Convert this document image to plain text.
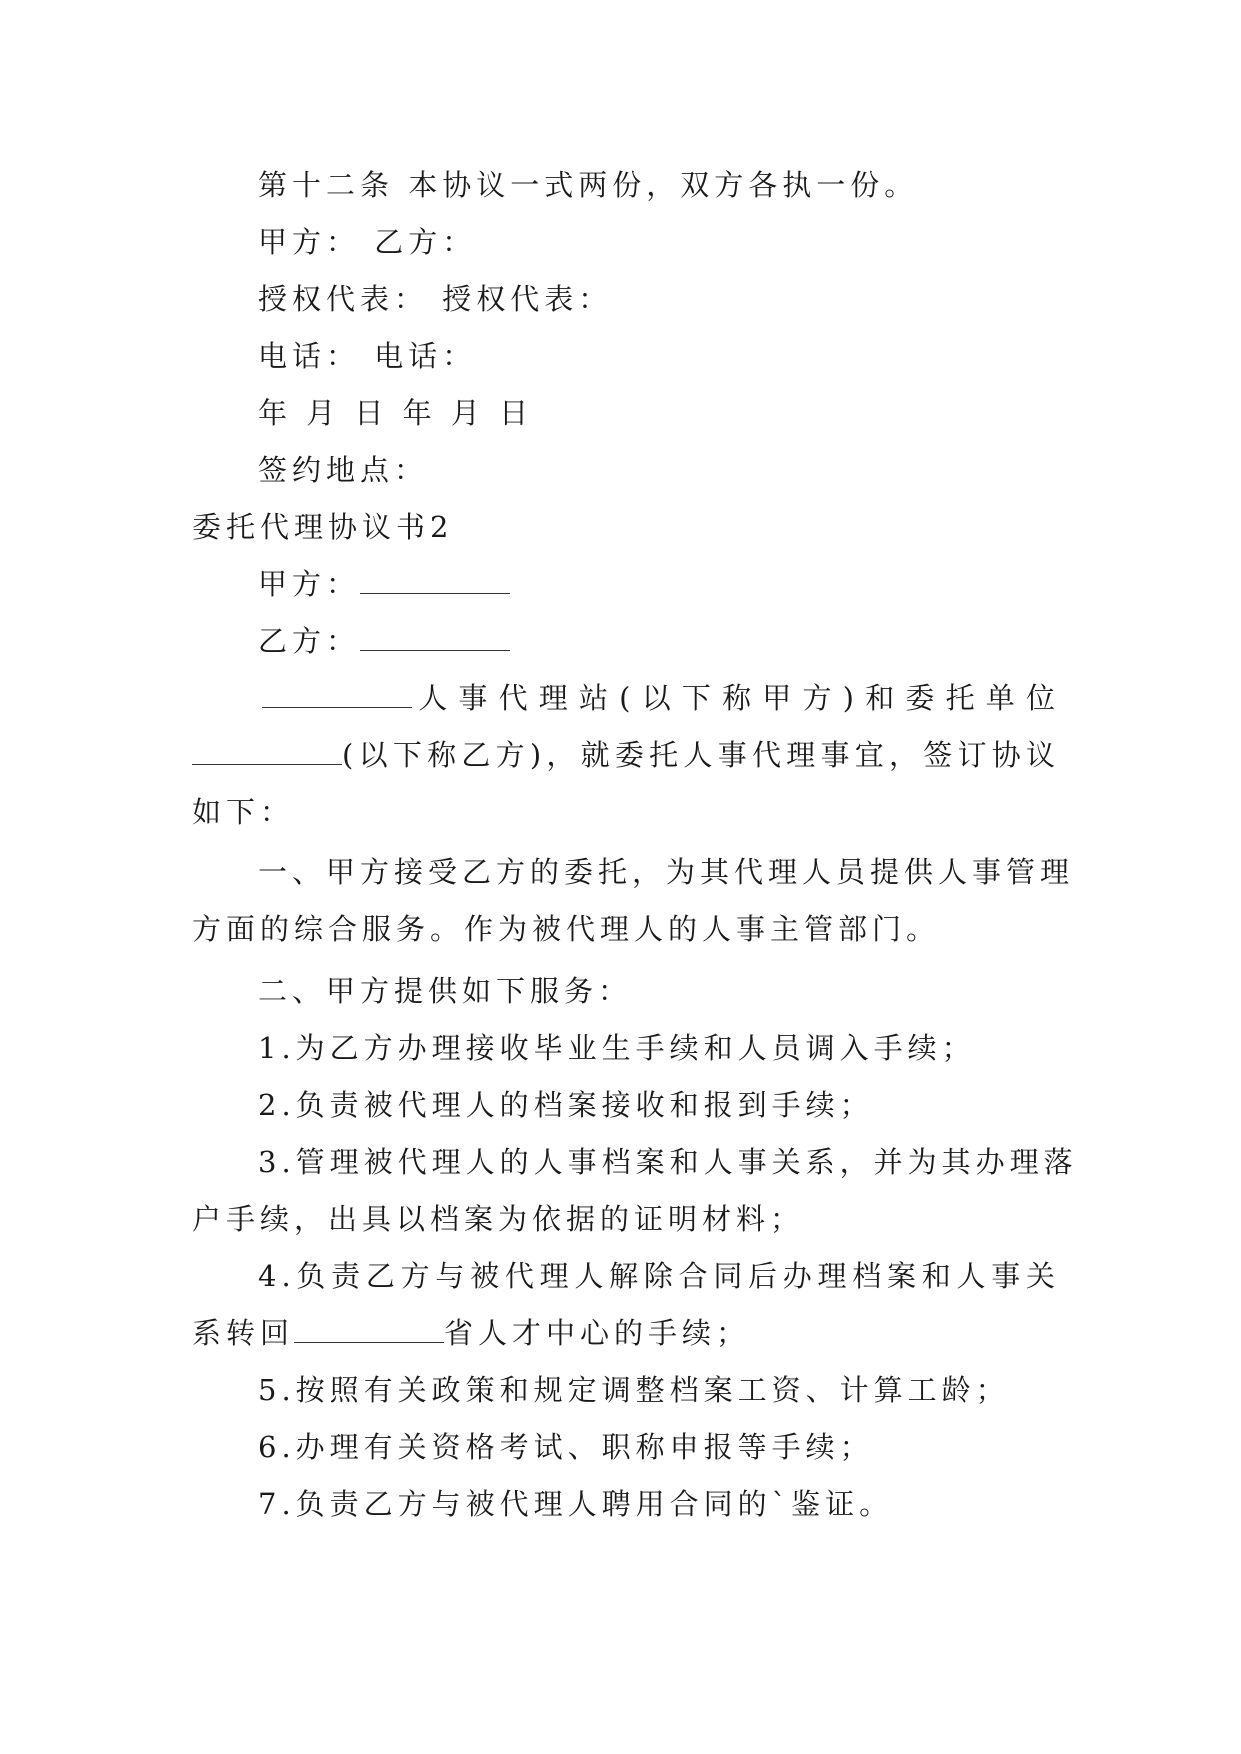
第十二条 本协议一式两份，双方各执一份。
甲方： 乙方：
授权代表： 授权代表：
电话： 电话：
年 月 日 年 月 日
签约地点：
委托代理协议书2
甲方：
乙方：
人事代理站(以下称甲方)和委托单位
(以下称乙方)，就委托人事代理事宜，签订协议
如下：
一、甲方接受乙方的委托，为其代理人员提供人事管理
方面的综合服务。作为被代理人的人事主管部门。
二、甲方提供如下服务：
1.为乙方办理接收毕业生手续和人员调入手续；
2.负责被代理人的档案接收和报到手续；
3.管理被代理人的人事档案和人事关系，并为其办理落
户手续，出具以档案为依据的证明材料；
4.负责乙方与被代理人解除合同后办理档案和人事关
系转回	省人才中心的手续；
5.按照有关政策和规定调整档案工资、计算工龄；
6.办理有关资格考试、职称申报等手续；
7.负责乙方与被代理人聘用合同的`鉴证。
